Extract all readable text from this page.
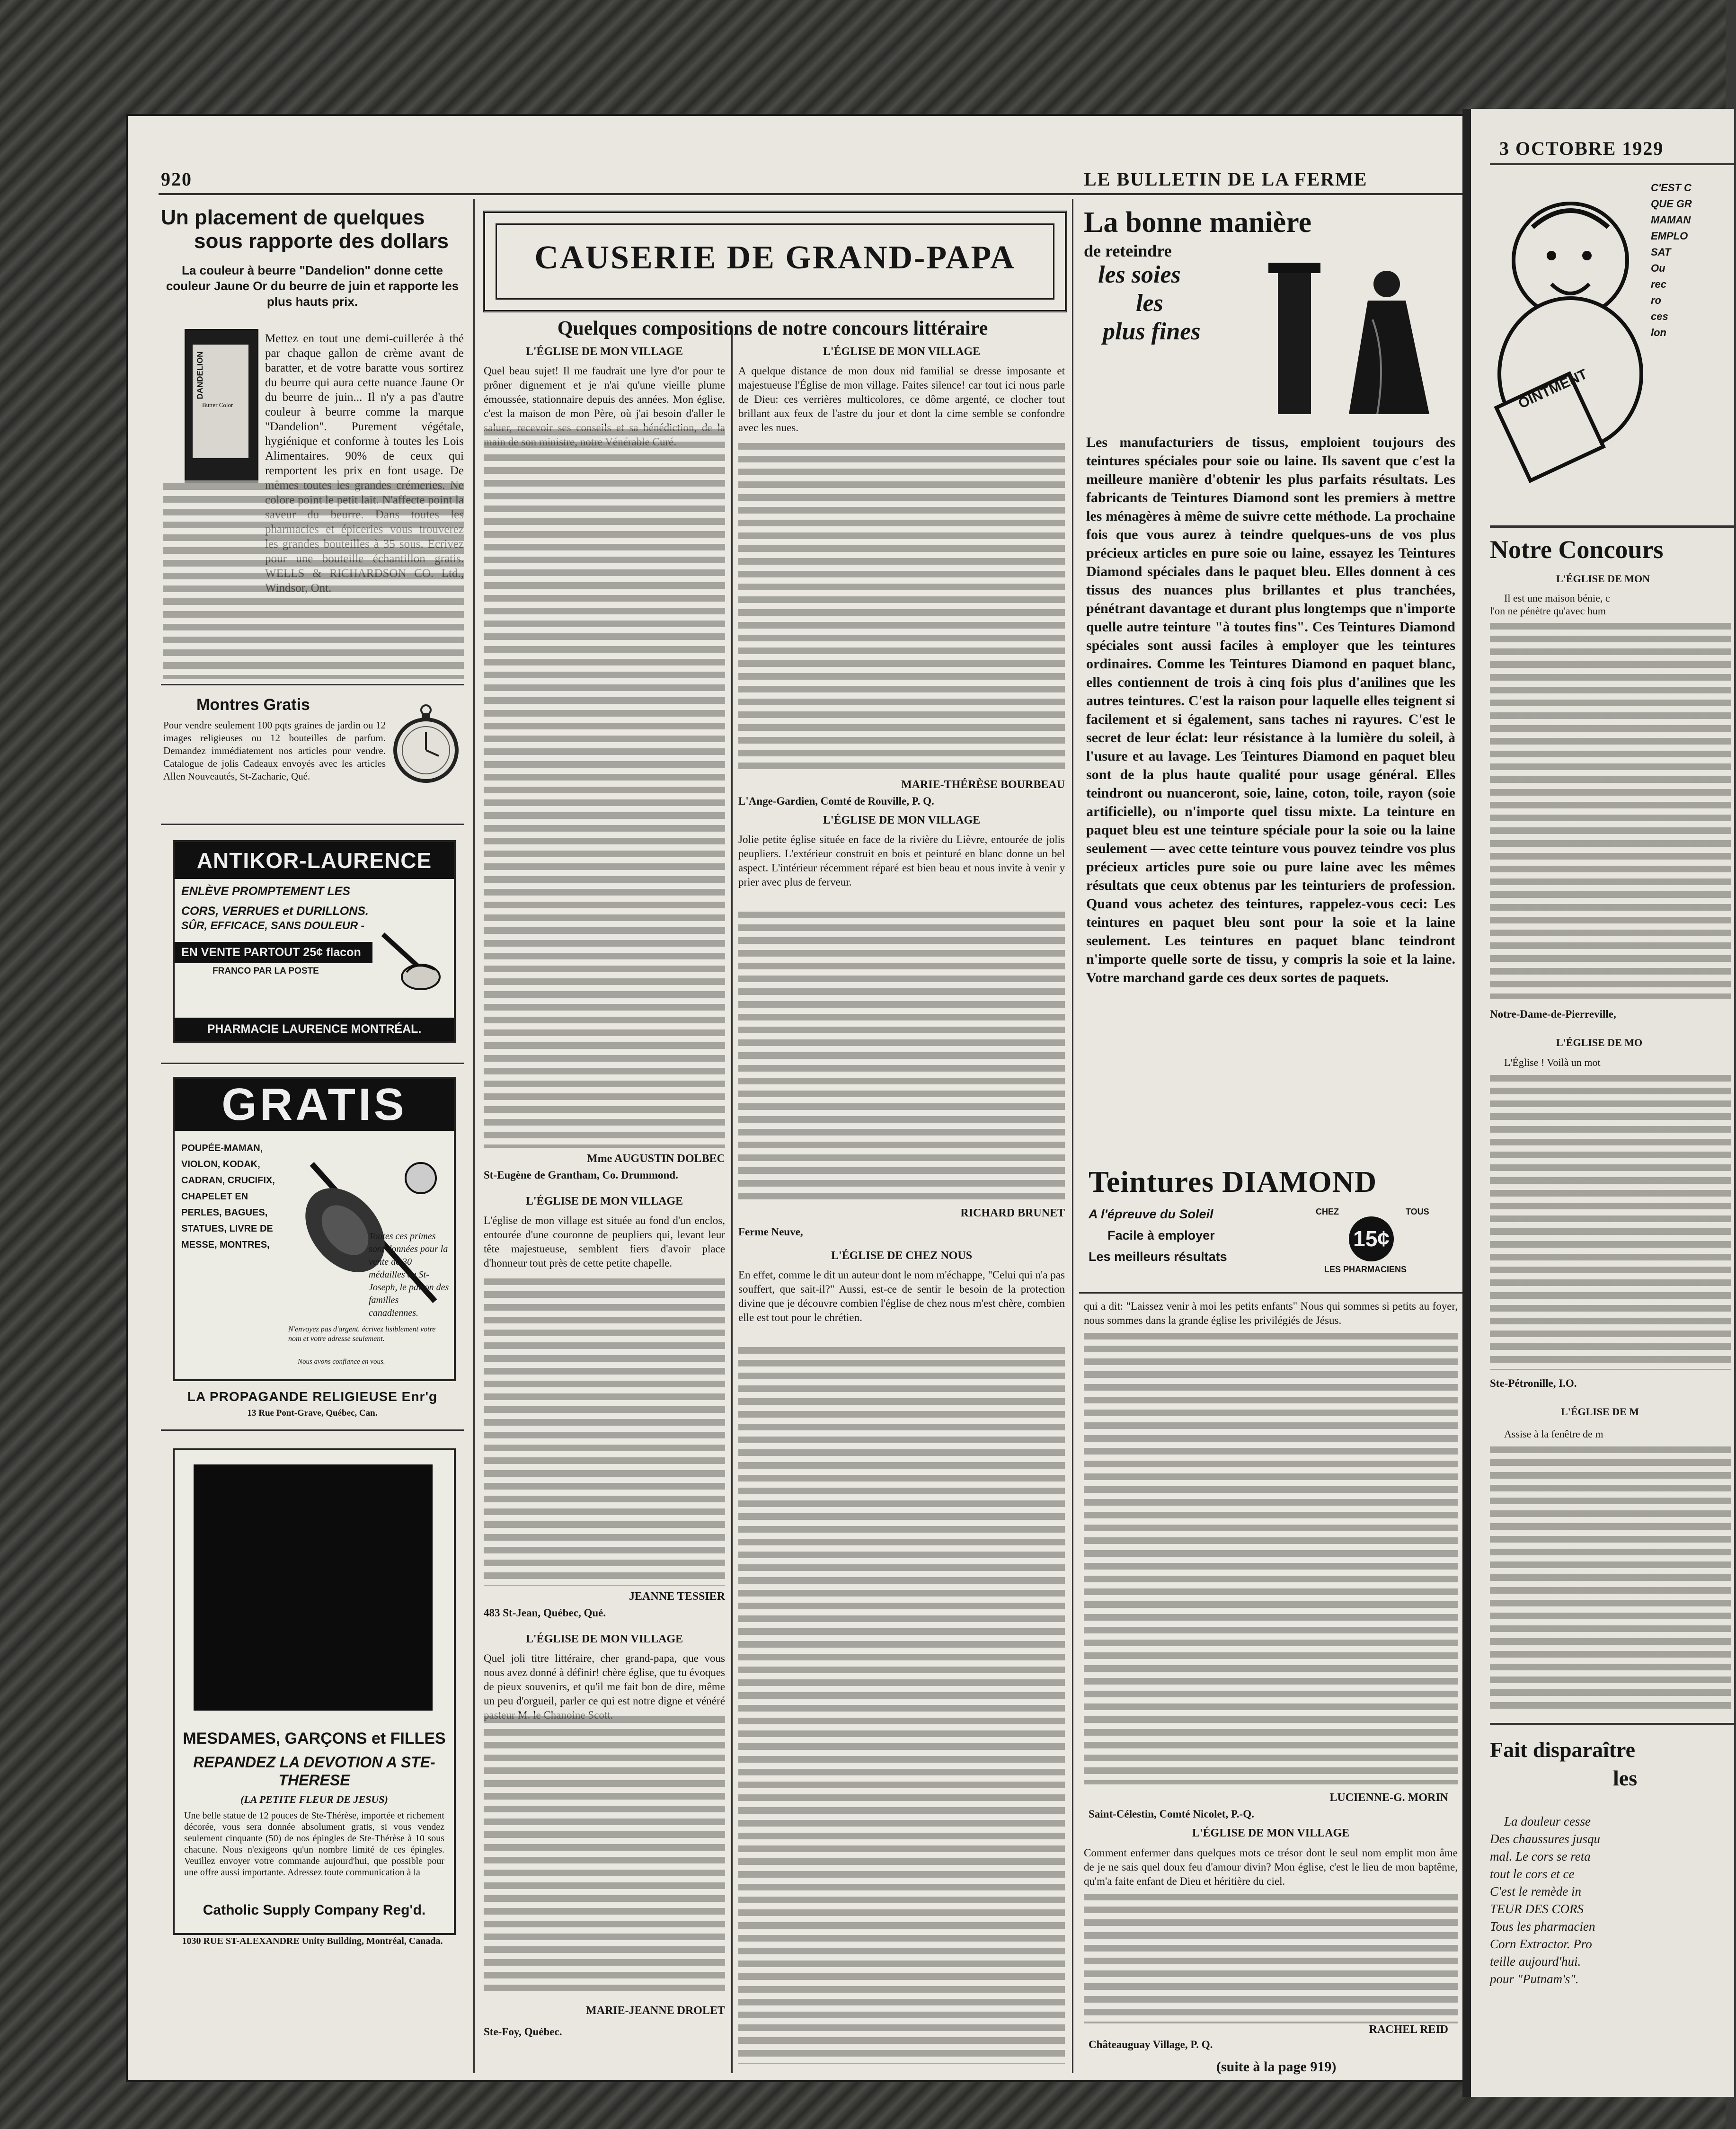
920	LE BULLETIN DE LA FERME
Un placement de quelques
sous rapporte des dollars
La couleur à beurre "Dandelion" donne cette couleur Jaune Or du beurre de juin et rapporte les plus hauts prix.
DANDELION
Butter Color
Mettez en tout une demi-cuillerée à thé par chaque gallon de crème avant de baratter, et de votre baratte vous sortirez du beurre qui aura cette nuance Jaune Or du beurre de juin... Il n'y a pas d'autre couleur à beurre comme la marque "Dandelion". Purement végétale, hygiénique et conforme à toutes les Lois Alimentaires. 90% de ceux qui remportent les prix en font usage. De
Montres Gratis
Pour vendre seulement 100 pqts graines de jardin ou 12 images religieuses ou 12 bouteilles de parfum. Demandez immédiatement nos articles pour vendre. Catalogue de jolis Cadeaux envoyés avec les articles Allen Nouveautés, St-Zacharie, Qué.
ANTIKOR-LAURENCE
ENLÈVE PROMPTEMENT LES
CORS, VERRUES et DURILLONS.
SÛR, EFFICACE, SANS DOULEUR -
EN VENTE PARTOUT 25¢ flacon
FRANCO PAR LA POSTE
PHARMACIE LAURENCE MONTRÉAL.
GRATIS
POUPÉE-MAMAN, VIOLON, KODAK, CADRAN, CRUCIFIX, CHAPELET EN PERLES, BAGUES, STATUES, LIVRE DE MESSE, MONTRES,
Toutes ces primes sont données pour la vente de 30 médailles de St-Joseph, le patron des familles canadiennes.
N'envoyez pas d'argent. écrivez lisiblement votre nom et votre adresse seulement.
Nous avons confiance en vous.
LA PROPAGANDE RELIGIEUSE Enr'g
13 Rue Pont-Grave, Québec, Can.
MESDAMES, GARÇONS et FILLES
REPANDEZ LA DEVOTION A STE-THERESE
(LA PETITE FLEUR DE JESUS)
Une belle statue de 12 pouces de Ste-Thérèse, importée et richement décorée, vous sera donnée absolument gratis, si vous vendez seulement cinquante (50) de nos épingles de Ste-Thérèse à 10 sous chacune. Nous n'exigeons qu'un nombre limité de ces épingles. Veuillez envoyer votre commande aujourd'hui, que possible pour une offre aussi importante. Adressez toute communication à la
Catholic Supply Company Reg'd.
1030 RUE ST-ALEXANDRE Unity Building, Montréal, Canada.
CAUSERIE DE GRAND-PAPA
Quelques compositions de notre concours littéraire
L'ÉGLISE DE MON VILLAGE
Quel beau sujet! Il me faudrait une lyre d'or pour te prôner dignement et je n'ai qu'une vieille plume émoussée, stationnaire depuis des années. Mon église, c'est la maison de mon Père, où j'ai besoin d'aller le
Mme AUGUSTIN DOLBEC
St-Eugène de Grantham, Co. Drummond.
L'ÉGLISE DE MON VILLAGE
L'église de mon village est située au fond d'un enclos, entourée d'une couronne de peupliers qui, levant leur tête majestueuse, semblent fiers d'avoir place d'honneur tout près de cette petite chapelle.
JEANNE TESSIER
483 St-Jean, Québec, Qué.
L'ÉGLISE DE MON VILLAGE
Quel joli titre littéraire, cher grand-papa, que vous nous avez donné à définir! chère église, que tu évoques de pieux souvenirs, et qu'il me fait bon de dire, même un peu d'orgueil, parler ce qui est notre digne et vénéré
MARIE-JEANNE DROLET
Ste-Foy, Québec.
L'ÉGLISE DE MON VILLAGE
A quelque distance de mon doux nid familial se dresse imposante et majestueuse l'Église de mon village. Faites silence! car tout ici nous parle de Dieu: ces verrières multicolores, ce dôme argenté, ce clocher tout brillant aux feux de l'astre du jour et dont la cime semble se confondre avec les nues.
MARIE-THÉRÈSE BOURBEAU
L'Ange-Gardien, Comté de Rouville, P. Q.
L'ÉGLISE DE MON VILLAGE
Jolie petite église située en face de la rivière du Lièvre, entourée de jolis peupliers. L'extérieur construit en bois et peinturé en blanc donne un bel aspect. L'intérieur récemment réparé est bien beau et nous invite à venir y prier avec plus de ferveur.
RICHARD BRUNET
Ferme Neuve,
L'ÉGLISE DE CHEZ NOUS
En effet, comme le dit un auteur dont le nom m'échappe, "Celui qui n'a pas souffert, que sait-il?" Aussi, est-ce de sentir le besoin de la protection divine que je découvre combien l'église de chez nous m'est chère, combien elle est tout pour le chrétien.
La bonne manière
de reteindre
les soies
les
plus fines
Les manufacturiers de tissus, emploient toujours des teintures spéciales pour soie ou laine. Ils savent que c'est la meilleure manière d'obtenir les plus parfaits résultats. Les fabricants de Teintures Diamond sont les premiers à mettre les ménagères à même de suivre cette méthode. La prochaine fois que vous aurez à teindre quelques-uns de vos plus précieux articles en pure soie ou laine, essayez les Teintures Diamond spéciales dans le paquet bleu. Elles donnent à ces tissus des nuances plus brillantes et plus tranchées, pénétrant davantage et durant plus longtemps que n'importe quelle autre teinture "à toutes fins". Ces Teintures Diamond spéciales sont aussi faciles à employer que les teintures ordinaires. Comme les Teintures Diamond en paquet blanc, elles contiennent de trois à cinq fois plus d'anilines que les autres teintures. C'est la raison pour laquelle elles teignent si facilement et si également, sans taches ni rayures. C'est le secret de leur éclat: leur résistance à la lumière du soleil, à l'usure et au lavage. Les Teintures Diamond en paquet bleu sont de la plus haute qualité pour usage général. Elles teindront ou nuanceront, soie, laine, coton, toile, rayon (soie artificielle), ou n'importe quel tissu mixte. La teinture en paquet bleu est une teinture spéciale pour la soie ou la laine seulement — avec cette teinture vous pouvez teindre vos plus précieux articles pure soie ou pure laine avec les mêmes résultats que ceux obtenus par les teinturiers de profession. Quand vous achetez des teintures, rappelez-vous ceci: Les teintures en paquet bleu sont pour la soie et la laine seulement. Les teintures en paquet blanc teindront n'importe quelle sorte de tissu, y compris la soie et la laine. Votre marchand garde ces deux sortes de paquets.
Teintures DIAMOND
A l'épreuve du Soleil
Facile à employer
Les meilleurs résultats
CHEZ	TOUS
15¢
LES PHARMACIENS
qui a dit: "Laissez venir à moi les petits enfants" Nous qui sommes si petits au foyer, nous sommes dans la grande église les privilégiés de Jésus.
LUCIENNE-G. MORIN
Saint-Célestin, Comté Nicolet, P.-Q.
L'ÉGLISE DE MON VILLAGE
Comment enfermer dans quelques mots ce trésor dont le seul nom emplit mon âme de je ne sais quel doux feu d'amour divin? Mon église, c'est le lieu de mon baptême, qu'm'a faite enfant de Dieu et héritière du ciel.
RACHEL REID
Châteauguay Village, P. Q.
(suite à la page 919)
3 OCTOBRE 1929
OINTMENT
C'EST C
QUE GR
MAMAN
EMPLO
SAT
Ou
rec
ro
ces
lon
Notre Concours
L'ÉGLISE DE MON
Il est une maison bénie, c
l'on ne pénètre qu'avec hum
Notre-Dame-de-Pierreville,
L'ÉGLISE DE MO
L'Église ! Voilà un mot
Ste-Pétronille, I.O.
L'ÉGLISE DE M
Assise à la fenêtre de m
Fait disparaître
les
La douleur cesse
Des chaussures jusqu
mal. Le cors se reta
tout le cors et ce
C'est le remède in
TEUR DES CORS
Tous les pharmacien
Corn Extractor. Pro
teille aujourd'hui.
pour "Putnam's".
